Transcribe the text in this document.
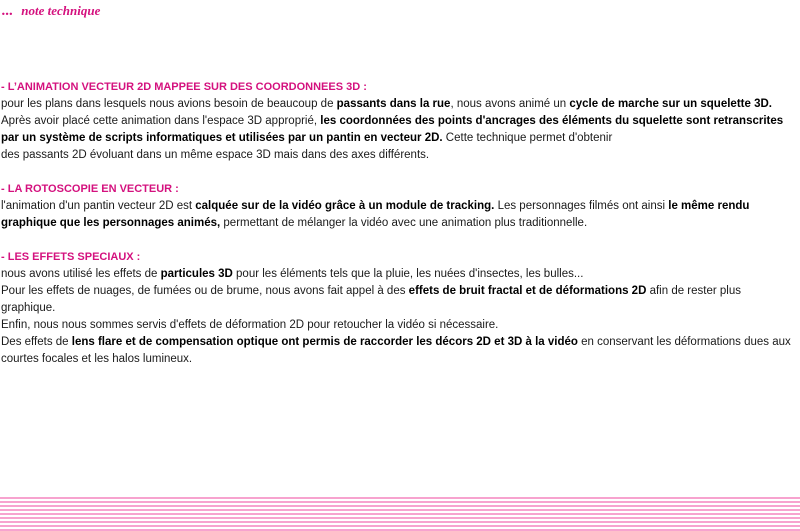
... note technique
- L’ANIMATION VECTEUR 2D MAPPEE SUR DES COORDONNEES 3D :

pour les plans dans lesquels nous avions besoin de beaucoup de passants dans la rue, nous avons animé un cycle de marche sur un squelette 3D.

Après avoir placé cette animation dans l'espace 3D approprié, les coordonnées des points d'ancrages des éléments du squelette sont retranscrites par un système de scripts informatiques et utilisées par un pantin en vecteur 2D. Cette technique permet d'obtenir
des passants 2D évoluant dans un même espace 3D mais dans des axes différents.

- LA ROTOSCOPIE EN VECTEUR :

l'animation d'un pantin vecteur 2D est calquée sur de la vidéo grâce à un module de tracking. Les personnages filmés ont ainsi le même rendu graphique que les personnages animés, permettant de mélanger la vidéo avec une animation plus traditionnelle.

- LES EFFETS SPECIAUX :

nous avons utilisé les effets de particules 3D pour les éléments tels que la pluie, les nuées d'insectes, les bulles...

Pour les effets de nuages, de fumées ou de brume, nous avons fait appel à des effets de bruit fractal et de déformations 2D afin de rester plus graphique.

Enfin, nous nous sommes servis d'effets de déformation 2D pour retoucher la vidéo si nécessaire.

Des effets de lens flare et de compensation optique ont permis de raccorder les décors 2D et 3D à la vidéo en conservant les déformations dues aux courtes focales et les halos lumineux.
